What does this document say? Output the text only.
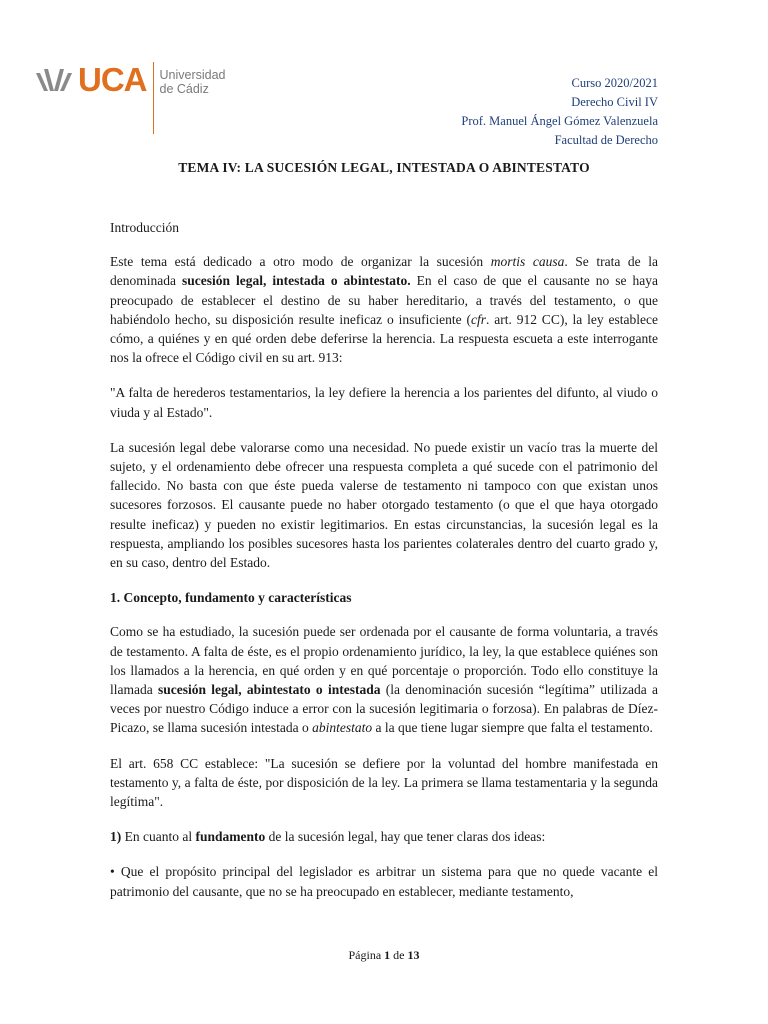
UCA Universidad
de Cádiz	Curso 2020/2021
Derecho Civil IV
Prof. Manuel Ángel Gómez Valenzuela
Facultad de Derecho
TEMA IV: LA SUCESIÓN LEGAL, INTESTADA O ABINTESTATO

Introducción

Este tema está dedicado a otro modo de organizar la sucesión mortis causa. Se trata de la denominada sucesión legal, intestada o abintestato. En el caso de que el causante no se haya preocupado de establecer el destino de su haber hereditario, a través del testamento, o que habiéndolo hecho, su disposición resulte ineficaz o insuficiente (cfr. art. 912 CC), la ley establece cómo, a quiénes y en qué orden debe deferirse la herencia. La respuesta escueta a este interrogante nos la ofrece el Código civil en su art. 913:

"A falta de herederos testamentarios, la ley defiere la herencia a los parientes del difunto, al viudo o viuda y al Estado".

La sucesión legal debe valorarse como una necesidad. No puede existir un vacío tras la muerte del sujeto, y el ordenamiento debe ofrecer una respuesta completa a qué sucede con el patrimonio del fallecido. No basta con que éste pueda valerse de testamento ni tampoco con que existan unos sucesores forzosos. El causante puede no haber otorgado testamento (o que el que haya otorgado resulte ineficaz) y pueden no existir legitimarios. En estas circunstancias, la sucesión legal es la respuesta, ampliando los posibles sucesores hasta los parientes colaterales dentro del cuarto grado y, en su caso, dentro del Estado.

1. Concepto, fundamento y características

Como se ha estudiado, la sucesión puede ser ordenada por el causante de forma voluntaria, a través de testamento. A falta de éste, es el propio ordenamiento jurídico, la ley, la que establece quiénes son los llamados a la herencia, en qué orden y en qué porcentaje o proporción. Todo ello constituye la llamada sucesión legal, abintestato o intestada (la denominación sucesión “legítima” utilizada a veces por nuestro Código induce a error con la sucesión legitimaria o forzosa). En palabras de Díez-Picazo, se llama sucesión intestada o abintestato a la que tiene lugar siempre que falta el testamento.

El art. 658 CC establece: "La sucesión se defiere por la voluntad del hombre manifestada en testamento y, a falta de éste, por disposición de la ley. La primera se llama testamentaria y la segunda legítima".

1) En cuanto al fundamento de la sucesión legal, hay que tener claras dos ideas:

• Que el propósito principal del legislador es arbitrar un sistema para que no quede vacante el patrimonio del causante, que no se ha preocupado en establecer, mediante testamento,

Página 1 de 13
